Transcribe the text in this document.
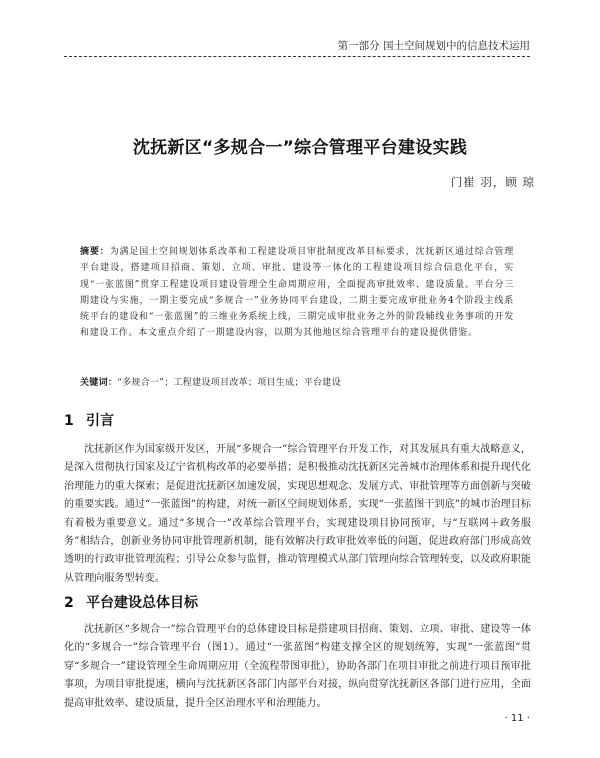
第一部分 国土空间规划中的信息技术运用
沈抚新区“多规合一”综合管理平台建设实践
门崔 羽，顾 琼
摘要：为满足国土空间规划体系改革和工程建设项目审批制度改革目标要求，沈抚新区通过综合管理平台建设，搭建项目招商、策划、立项、审批、建设等一体化的工程建设项目综合信息化平台，实现“一张蓝图”贯穿工程建设项目建设管理全生命周期应用，全面提高审批效率、建设质量。平台分三期建设与实施，一期主要完成“多规合一”业务协同平台建设，二期主要完成审批业务4个阶段主线系统平台的建设和“一张蓝图”的三维业务系统上线，三期完成审批业务之外的阶段辅线业务事项的开发和建设工作。本文重点介绍了一期建设内容，以期为其他地区综合管理平台的建设提供借鉴。
关键词：“多规合一”；工程建设项目改革；项目生成；平台建设
1 引言
沈抚新区作为国家级开发区，开展“多规合一”综合管理平台开发工作，对其发展具有重大战略意义，是深入贯彻执行国家及辽宁省机构改革的必要举措；是积极推动沈抚新区完善城市治理体系和提升现代化治理能力的重大探索；是促进沈抚新区加速发展，实现思想观念、发展方式、审批管理等方面创新与突破的重要实践。通过“一张蓝图”的构建，对统一新区空间规划体系，实现“一张蓝图干到底”的城市治理目标有着极为重要意义。通过“多规合一”改革综合管理平台，实现建设项目协同预审，与“互联网＋政务服务”相结合，创新业务协同审批管理新机制，能有效解决行政审批效率低的问题，促进政府部门形成高效透明的行政审批管理流程；引导公众参与监督，推动管理模式从部门管理向综合管理转变，以及政府职能从管理向服务型转变。
2 平台建设总体目标
沈抚新区“多规合一”综合管理平台的总体建设目标是搭建项目招商、策划、立项、审批、建设等一体化的“多规合一”综合管理平台（图1）。通过“一张蓝图”构建支撑全区的规划统筹，实现“一张蓝图”贯穿“多规合一”建设管理全生命周期应用（全流程带图审批），协助各部门在项目审批之前进行项目预审批事项，为项目审批提速，横向与沈抚新区各部门内部平台对接，纵向贯穿沈抚新区各部门进行应用，全面提高审批效率、建设质量，提升全区治理水平和治理能力。
· 11 ·
